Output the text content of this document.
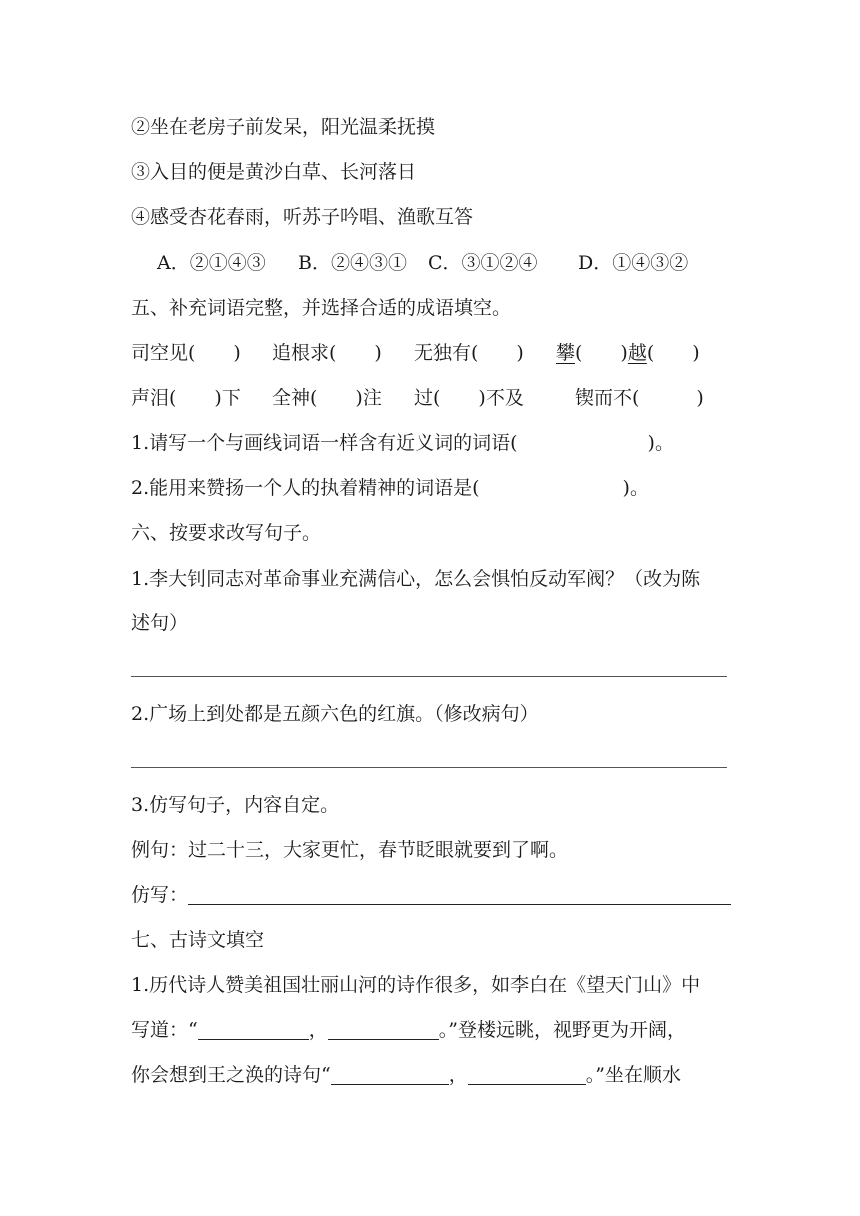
②坐在老房子前发呆，阳光温柔抚摸
③入目的便是黄沙白草、长河落日
④感受杏花春雨，听苏子吟唱、渔歌互答
A．②①④③ B．②④③① C．③①②④ D．①④③②
五、补充词语完整，并选择合适的成语填空。
司空见(　　) 追根求(　　) 无独有(　　) 攀(　　)越(　　)
声泪(　　)下 全神(　　)注 过(　　)不及	锲而不(　　　)
1.请写一个与画线词语一样含有近义词的词语(	)。
2.能用来赞扬一个人的执着精神的词语是(	)。
六、按要求改写句子。
1.李大钊同志对革命事业充满信心，怎么会惧怕反动军阀？（改为陈
述句）
2.广场上到处都是五颜六色的红旗。（修改病句）
3.仿写句子，内容自定。
例句：过二十三，大家更忙，春节眨眼就要到了啊。
仿写：
七、古诗文填空
1.历代诗人赞美祖国壮丽山河的诗作很多，如李白在《望天门山》中
写道：“	，	。”登楼远眺，视野更为开阔，
你会想到王之涣的诗句“	，	。”坐在顺水
